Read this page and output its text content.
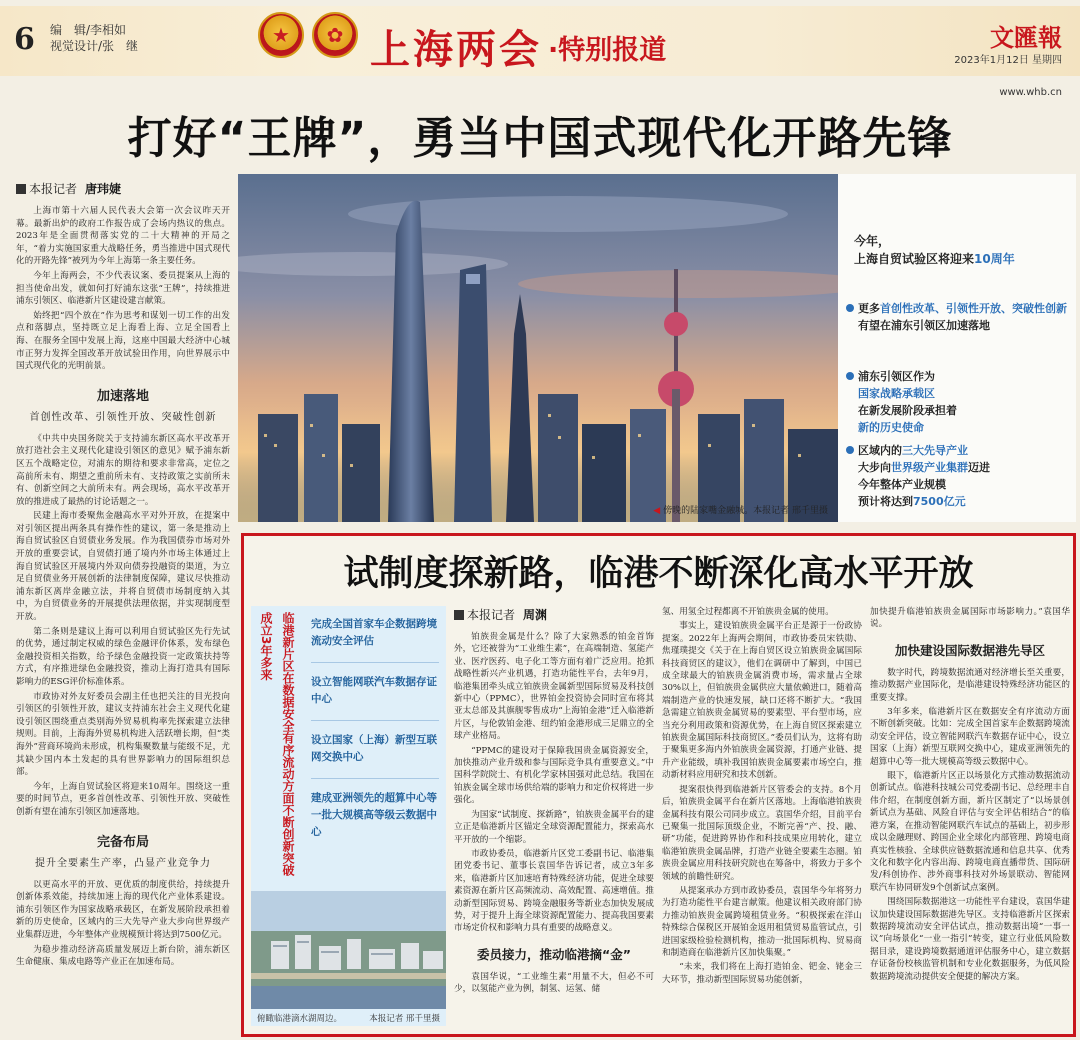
6 编　辑/李相如
视觉设计/张　继	★ ✿ 上海两会 ·特别报道	文匯報
2023年1月12日 星期四
www.whb.cn
打好“王牌”，勇当中国式现代化开路先锋
本报记者 唐玮婕

上海市第十六届人民代表大会第一次会议昨天开幕。最新出炉的政府工作报告成了会场内热议的焦点。2023年是全面贯彻落实党的二十大精神的开局之年，“着力实施国家重大战略任务，勇当推进中国式现代化的开路先锋”被列为今年上海第一条主要任务。

今年上海两会，不少代表议案、委员提案从上海的担当使命出发，就如何打好浦东这张“王牌”，持续推进浦东引领区、临港新片区建设建言献策。

始终把“四个放在”作为思考和谋划一切工作的出发点和落脚点，坚持既立足上海看上海、立足全国看上海、在服务全国中发展上海，这座中国最大经济中心城市正努力发挥全国改革开放试验田作用，向世界展示中国式现代化的光明前景。

加速落地
首创性改革、引领性开放、突破性创新

《中共中央国务院关于支持浦东新区高水平改革开放打造社会主义现代化建设引领区的意见》赋予浦东新区五个战略定位，对浦东的期待和要求非常高，定位之高前所未有、期望之重前所未有、支持政策之实前所未有、创新空间之大前所未有。两会现场，高水平改革开放的推进成了最热的讨论话题之一。

民建上海市委聚焦金融高水平对外开放，在提案中对引领区提出两条具有操作性的建议，第一条是推动上海自贸试验区自贸债业务发展。作为我国债券市场对外开放的重要尝试，自贸债打通了境内外市场主体通过上海自贸试验区开展境内外双向债券投融资的渠道，为立足自贸债业务开展创新的法律制度保障，建议尽快推动浦东新区离岸金融立法，并将自贸债市场制度纳入其中，为自贸债业务的开展提供法理依据，并实现制度型开放。

第二条则是建议上海可以利用自贸试验区先行先试的优势，通过制定权威的绿色金融评价体系，发布绿色金融投资相关指数，给予绿色金融投资一定政策扶持等方式，有序推进绿色金融投资，推动上海打造具有国际影响力的ESG评价标准体系。

市政协对外友好委员会副主任也把关注的目光投向引领区的引领性开放，建议支持浦东社会主义现代化建设引领区围绕重点类别海外贸易机构率先探索建立法律规则。目前，上海海外贸易机构进入活跃增长期，但“类海外”营商环境尚未形成，机构集聚数量与能级不足，尤其缺少国内本土发起的具有世界影响力的国际组织总部。

今年，上海自贸试验区将迎来10周年。围绕这一重要的时间节点，更多首创性改革、引领性开放、突破性创新有望在浦东引领区加速落地。

完备布局
提升全要素生产率，凸显产业竞争力

以更高水平的开放、更优质的制度供给，持续提升创新体系效能，持续加速上海的现代化产业体系建设。浦东引领区作为国家战略承载区，在新发展阶段承担着新的历史使命，区域内的三大先导产业大步向世界级产业集群迈进，今年整体产业规模预计将达到7500亿元。

为稳步推动经济高质量发展迈上新台阶，浦东新区生命健康、集成电路等产业正在加速布局。

◀ 傍晚的陆家嘴金融城。本报记者 邢千里摄
今年，
上海自贸试验区将迎来10周年
更多首创性改革、引领性开放、突破性创新有望在浦东引领区加速落地
浦东引领区作为
国家战略承载区
在新发展阶段承担着
新的历史使命
区域内的三大先导产业
大步向世界级产业集群迈进
今年整体产业规模
预计将达到7500亿元
试制度探新路，临港不断深化高水平开放
成立3年多来 临港新片区在数据安全有序流动方面不断创新突破 完成全国首家车企数据跨境流动安全评估
设立智能网联汽车数据存证中心
设立国家（上海）新型互联网交换中心
建成亚洲领先的超算中心等一批大规模高等级云数据中心
俯瞰临港滴水湖周边。	本报记者 邢千里摄
本报记者 周渊

铂族贵金属是什么？除了大家熟悉的铂金首饰外，它还被誉为“工业维生素”，在高端制造、氢能产业、医疗医药、电子化工等方面有着广泛应用。抢抓战略性新兴产业机遇，打造功能性平台，去年9月，临港集团牵头成立铂族贵金属新型国际贸易及科技创新中心（PPMC），世界铂金投资协会同时宣布将其亚太总部及其旗舰零售成功“上海铂金港”迁入临港新片区，与伦敦铂金港、纽约铂金港形成三足鼎立的全球产业格局。

“PPMC的建设对于保障我国贵金属资源安全，加快推动产业升级和参与国际竞争具有重要意义。”中国科学院院士、有机化学家林国强对此总结。我国在铂族金属全球市场供给端的影响力和定价权将进一步强化。

为国家“试制度、探新路”，铂族贵金属平台的建立正是临港新片区锚定全球资源配置能力，探索高水平开放的一个缩影。

市政协委员，临港新片区党工委副书记、临港集团党委书记、董事长袁国华告诉记者，成立3年多来，临港新片区加速培育特殊经济功能，促进全球要素资源在新片区高频流动、高效配置、高速增值。推动新型国际贸易、跨境金融服务等新业态加快发展成势，对于提升上海全球资源配置能力、提高我国要素市场定价权和影响力具有重要的战略意义。

委员接力，推动临港摘“金”

袁国华说，“工业维生素”用量不大，但必不可少，以氢能产业为例，制氢、运氢、储

氢、用氢全过程都离不开铂族贵金属的使用。

事实上，建设铂族贵金属平台正是源于一份政协提案。2022年上海两会期间，市政协委员宋铁勋、焦瑾璞提交《关于在上海自贸区设立铂族贵金属国际科技商贸区的建议》，他们在调研中了解到，中国已成全球最大的铂族贵金属消费市场，需求量占全球30%以上，但铂族贵金属供应大量依赖进口，随着高端制造产业的快速发展，缺口还将不断扩大。“我国急需建立铂族贵金属贸易的要素型、平台型市场，应当充分利用政策和资源优势，在上海自贸区探索建立铂族贵金属国际科技商贸区。”委员们认为，这将有助于聚集更多海内外铂族贵金属资源，打通产业链、提升产业能级，填补我国铂族贵金属要素市场空白，推动新材料应用研究和技术创新。

提案很快得到临港新片区管委会的支持。8个月后，铂族贵金属平台在新片区落地。上海临港铂族贵金属科技有限公司同步成立。袁国华介绍，目前平台已聚集一批国际顶级企业，不断完善“产、投、融、研”功能，促进跨界协作和科技成果应用转化，建立临港铂族贵金属品牌，打造产业链全要素生态圈。铂族贵金属应用科技研究院也在筹备中，将致力于多个领域的前瞻性研究。

从提案承办方到市政协委员，袁国华今年将努力为打造功能性平台建言献策。他建议相关政府部门协力推动铂族贵金属跨境租赁业务。“积极探索在洋山特殊综合保税区开展铂金返用租赁贸易监管试点，引进国家级检验检测机构，推动一批国际机构、贸易商和制造商在临港新片区加快集聚。”

“未来，我们将在上海打造铂金、钯金、铑金三大环节，推动新型国际贸易功能创新，

加快提升临港铂族贵金属国际市场影响力。”袁国华说。

加快建设国际数据港先导区

数字时代，跨境数据流通对经济增长至关重要，推动数据产业国际化，是临港建设特殊经济功能区的重要支撑。

3年多来，临港新片区在数据安全有序流动方面不断创新突破。比如：完成全国首家车企数据跨境流动安全评估，设立智能网联汽车数据存证中心，设立国家（上海）新型互联网交换中心，建成亚洲领先的超算中心等一批大规模高等级云数据中心。

眼下，临港新片区正以场景化方式推动数据流动创新试点。临港科技城公司党委副书记、总经理丰自伟介绍，在制度创新方面，新片区制定了“以场景创新试点为基础、风险自评估与安全评估相结合”的临港方案，在推动智能网联汽车试点的基础上，初步形成以金融理财、跨国企业全球化内部管理、跨境电商真实性核验、全球供应链数据流通和信息共享、优秀文化和数字化内容出海、跨境电商直播带货、国际研发/科创协作、涉外商事科技对外场景联动、智能网联汽车协同研发9个创新试点案例。

围绕国际数据港这一功能性平台建设，袁国华建议加快建设国际数据港先导区。支持临港新片区探索数据跨境流动安全评估试点，推动数据出境“一事一议”向场景化“一业一指引”转变，建立行业低风险数据目录，建设跨境数据通道评估服务中心，建立数据存证备份校核监管机制和专业化数据服务，为低风险数据跨境流动提供安全便捷的解决方案。
